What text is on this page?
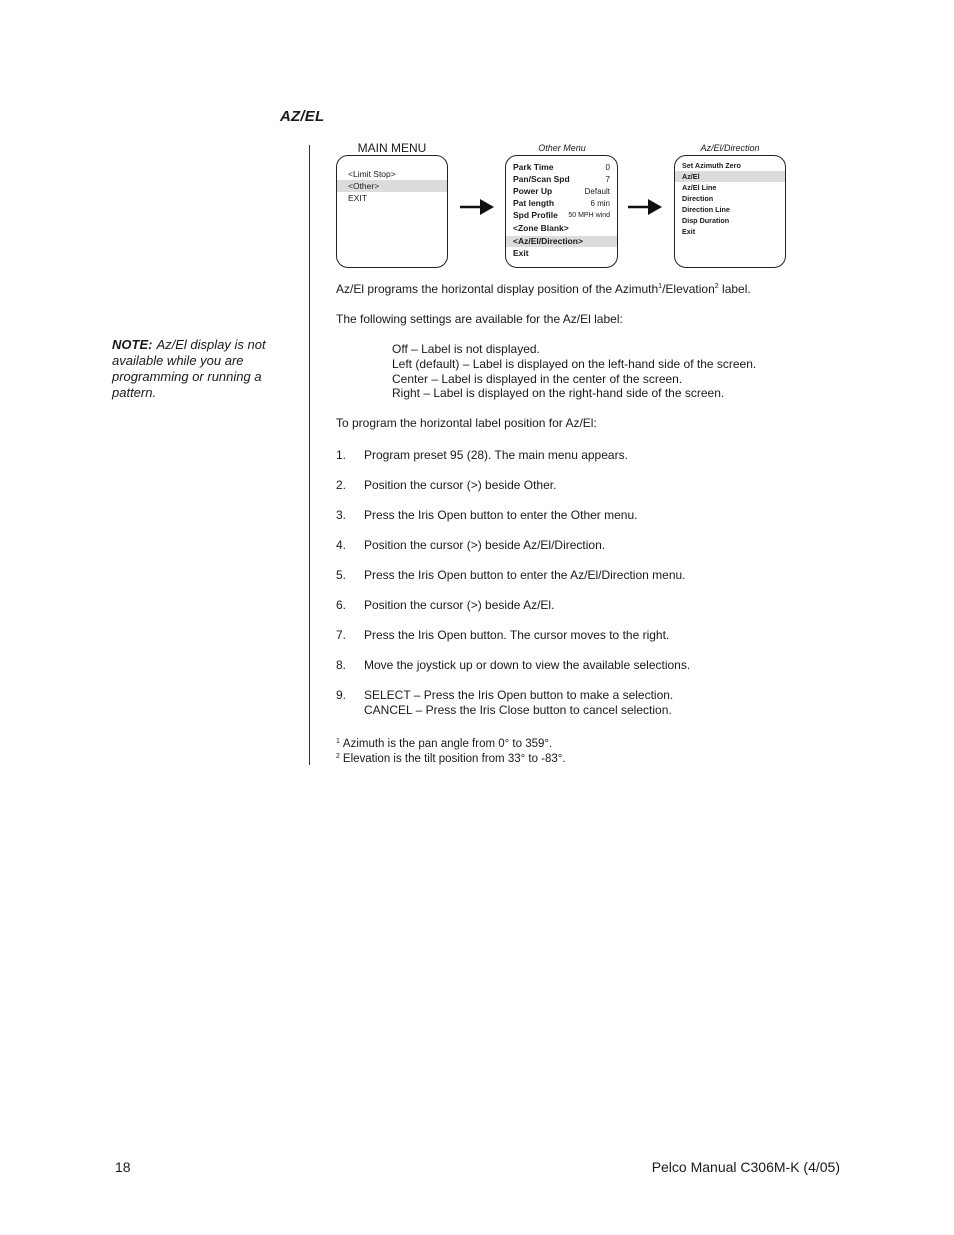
AZ/EL
NOTE: Az/El display is not available while you are programming or running a pattern.
MAIN MENU	Other Menu	Az/El/Direction
<Limit Stop>
<Other>
EXIT
Park Time	0
Pan/Scan Spd	7
Power Up	Default
Pat length	6 min
Spd Profile 50 MPH wind
<Zone Blank>
<Az/El/Direction>
Exit
Set Azimuth Zero
Az/El
Az/El Line
Direction
Direction Line
Disp Duration
Exit
Az/El programs the horizontal display position of the Azimuth$^1$/Elevation$^2$ label.
The following settings are available for the Az/El label:
Off – Label is not displayed.
Left (default) – Label is displayed on the left-hand side of the screen.
Center – Label is displayed in the center of the screen.
Right – Label is displayed on the right-hand side of the screen.
To program the horizontal label position for Az/El:
1. Program preset 95 (28). The main menu appears.
2. Position the cursor (>) beside Other.
3. Press the Iris Open button to enter the Other menu.
4. Position the cursor (>) beside Az/El/Direction.
5. Press the Iris Open button to enter the Az/El/Direction menu.
6. Position the cursor (>) beside Az/El.
7. Press the Iris Open button. The cursor moves to the right.
8. Move the joystick up or down to view the available selections.
9. SELECT – Press the Iris Open button to make a selection.
CANCEL – Press the Iris Close button to cancel selection.
$^1$ Azimuth is the pan angle from 0° to 359°.
$^2$ Elevation is the tilt position from 33° to -83°.
18	Pelco Manual C306M-K (4/05)
